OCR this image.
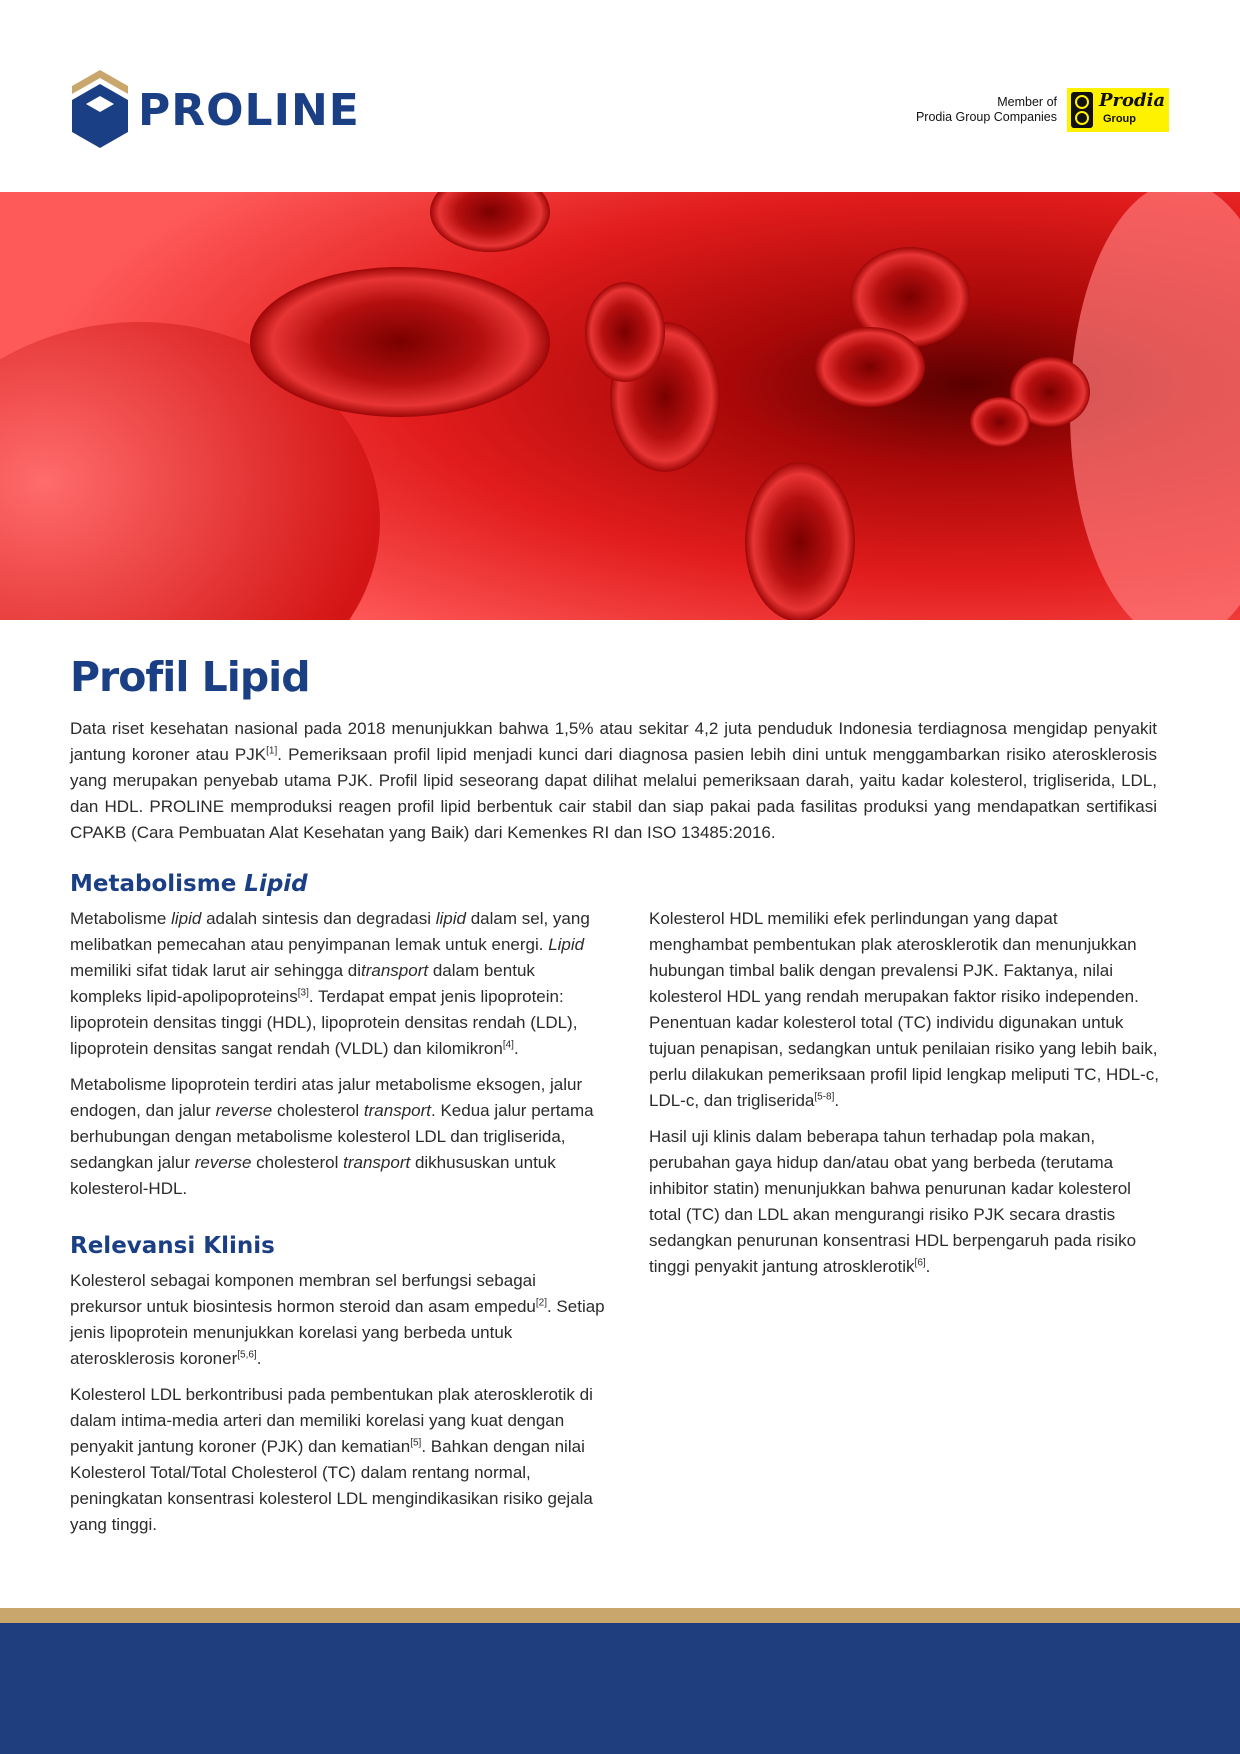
PROLINE	Member of
Prodia Group Companies
Prodia
Group
Profil Lipid

Data riset kesehatan nasional pada 2018 menunjukkan bahwa 1,5% atau sekitar 4,2 juta penduduk Indonesia terdiagnosa mengidap penyakit jantung koroner atau PJK[1]. Pemeriksaan profil lipid menjadi kunci dari diagnosa pasien lebih dini untuk menggambarkan risiko aterosklerosis yang merupakan penyebab utama PJK. Profil lipid seseorang dapat dilihat melalui pemeriksaan darah, yaitu kadar kolesterol, trigliserida, LDL, dan HDL. PROLINE memproduksi reagen profil lipid berbentuk cair stabil dan siap pakai pada fasilitas produksi yang mendapatkan sertifikasi CPAKB (Cara Pembuatan Alat Kesehatan yang Baik) dari Kemenkes RI dan ISO 13485:2016.

Metabolisme Lipid

Metabolisme lipid adalah sintesis dan degradasi lipid dalam sel, yang melibatkan pemecahan atau penyimpanan lemak untuk energi. Lipid memiliki sifat tidak larut air sehingga ditransport dalam bentuk kompleks lipid-apolipoproteins[3]. Terdapat empat jenis lipoprotein: lipoprotein densitas tinggi (HDL), lipoprotein densitas rendah (LDL), lipoprotein densitas sangat rendah (VLDL) dan kilomikron[4].

Metabolisme lipoprotein terdiri atas jalur metabolisme eksogen, jalur endogen, dan jalur reverse cholesterol transport. Kedua jalur pertama berhubungan dengan metabolisme kolesterol LDL dan trigliserida, sedangkan jalur reverse cholesterol transport dikhususkan untuk kolesterol-HDL.

Relevansi Klinis

Kolesterol sebagai komponen membran sel berfungsi sebagai prekursor untuk biosintesis hormon steroid dan asam empedu[2]. Setiap jenis lipoprotein menunjukkan korelasi yang berbeda untuk aterosklerosis koroner[5,6].

Kolesterol LDL berkontribusi pada pembentukan plak aterosklerotik di dalam intima-media arteri dan memiliki korelasi yang kuat dengan penyakit jantung koroner (PJK) dan kematian[5]. Bahkan dengan nilai Kolesterol Total/Total Cholesterol (TC) dalam rentang normal, peningkatan konsentrasi kolesterol LDL mengindikasikan risiko gejala yang tinggi.

Kolesterol HDL memiliki efek perlindungan yang dapat menghambat pembentukan plak aterosklerotik dan menunjukkan hubungan timbal balik dengan prevalensi PJK. Faktanya, nilai kolesterol HDL yang rendah merupakan faktor risiko independen. Penentuan kadar kolesterol total (TC) individu digunakan untuk tujuan penapisan, sedangkan untuk penilaian risiko yang lebih baik, perlu dilakukan pemeriksaan profil lipid lengkap meliputi TC, HDL-c, LDL-c, dan trigliserida[5-8].

Hasil uji klinis dalam beberapa tahun terhadap pola makan, perubahan gaya hidup dan/atau obat yang berbeda (terutama inhibitor statin) menunjukkan bahwa penurunan kadar kolesterol total (TC) dan LDL akan mengurangi risiko PJK secara drastis sedangkan penurunan konsentrasi HDL berpengaruh pada risiko tinggi penyakit jantung atrosklerotik[6].
